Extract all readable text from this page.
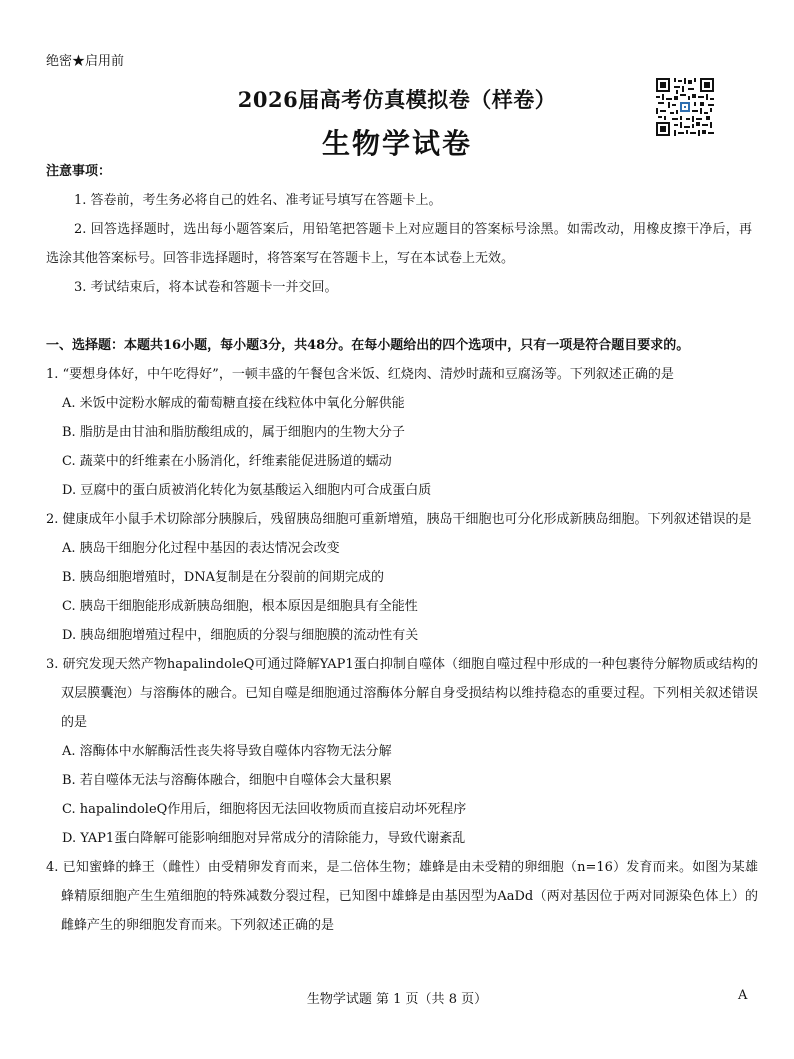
绝密★启用前
2026届高考仿真模拟卷（样卷）
生物学试卷
注意事项：

1. 答卷前，考生务必将自己的姓名、准考证号填写在答题卡上。

2. 回答选择题时，选出每小题答案后，用铅笔把答题卡上对应题目的答案标号涂黑。如需改动，用橡皮擦干净后，再选涂其他答案标号。回答非选择题时，将答案写在答题卡上，写在本试卷上无效。

3. 考试结束后，将本试卷和答题卡一并交回。

一、选择题：本题共16小题，每小题3分，共48分。在每小题给出的四个选项中，只有一项是符合题目要求的。

1. “要想身体好，中午吃得好”，一顿丰盛的午餐包含米饭、红烧肉、清炒时蔬和豆腐汤等。下列叙述正确的是

A. 米饭中淀粉水解成的葡萄糖直接在线粒体中氧化分解供能

B. 脂肪是由甘油和脂肪酸组成的，属于细胞内的生物大分子

C. 蔬菜中的纤维素在小肠消化，纤维素能促进肠道的蠕动

D. 豆腐中的蛋白质被消化转化为氨基酸运入细胞内可合成蛋白质

2. 健康成年小鼠手术切除部分胰腺后，残留胰岛细胞可重新增殖，胰岛干细胞也可分化形成新胰岛细胞。下列叙述错误的是

A. 胰岛干细胞分化过程中基因的表达情况会改变

B. 胰岛细胞增殖时，DNA复制是在分裂前的间期完成的

C. 胰岛干细胞能形成新胰岛细胞，根本原因是细胞具有全能性

D. 胰岛细胞增殖过程中，细胞质的分裂与细胞膜的流动性有关

3. 研究发现天然产物hapalindoleQ可通过降解YAP1蛋白抑制自噬体（细胞自噬过程中形成的一种包裹待分解物质或结构的双层膜囊泡）与溶酶体的融合。已知自噬是细胞通过溶酶体分解自身受损结构以维持稳态的重要过程。下列相关叙述错误的是

A. 溶酶体中水解酶活性丧失将导致自噬体内容物无法分解

B. 若自噬体无法与溶酶体融合，细胞中自噬体会大量积累

C. hapalindoleQ作用后，细胞将因无法回收物质而直接启动坏死程序

D. YAP1蛋白降解可能影响细胞对异常成分的清除能力，导致代谢紊乱

4. 已知蜜蜂的蜂王（雌性）由受精卵发育而来，是二倍体生物；雄蜂是由未受精的卵细胞（n=16）发育而来。如图为某雄蜂精原细胞产生生殖细胞的特殊减数分裂过程，已知图中雄蜂是由基因型为AaDd（两对基因位于两对同源染色体上）的雌蜂产生的卵细胞发育而来。下列叙述正确的是

生物学试题 第 1 页（共 8 页）	A
